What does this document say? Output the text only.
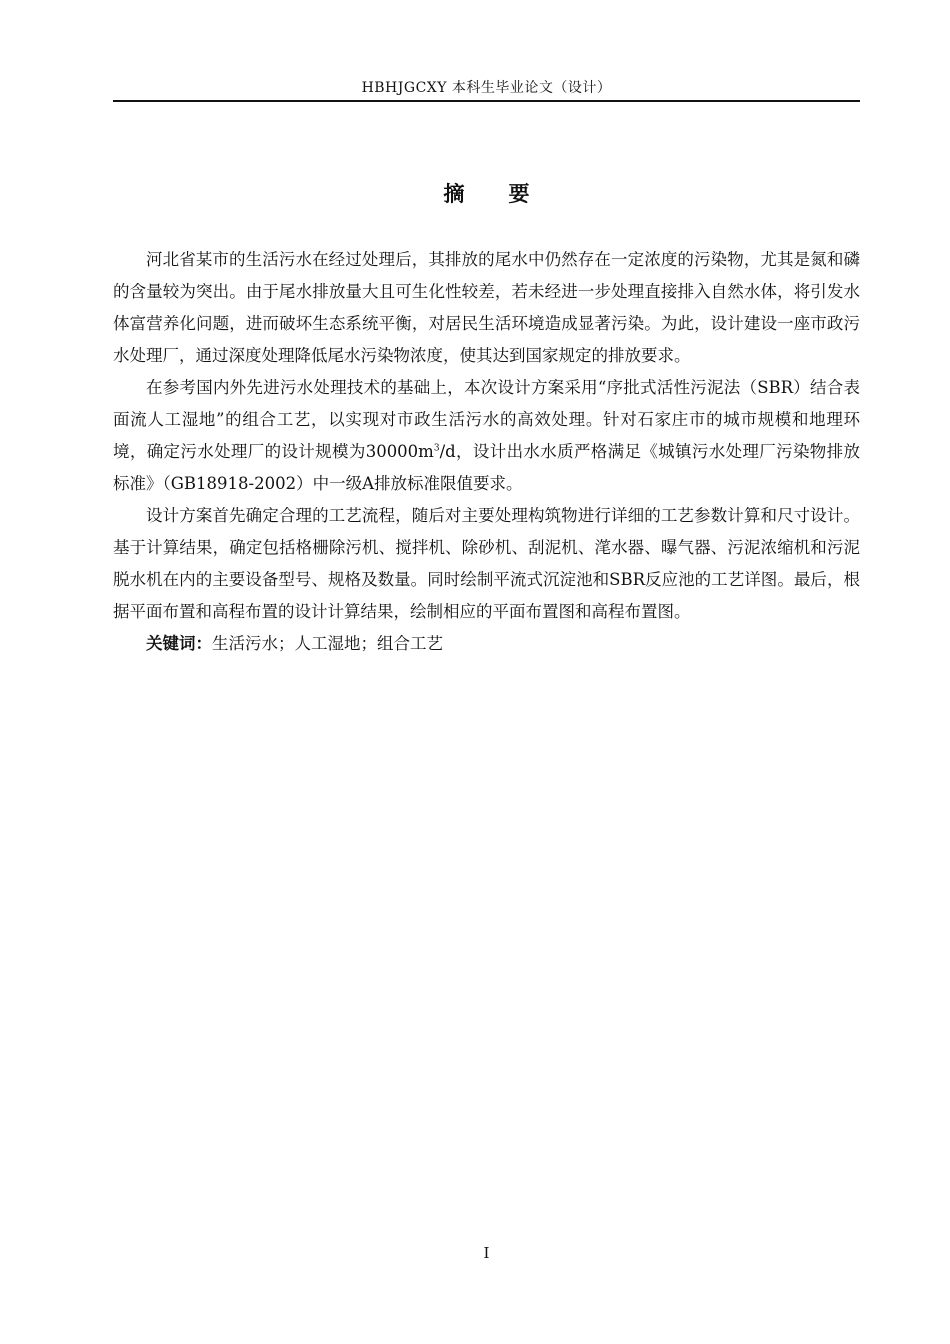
HBHJGCXY 本科生毕业论文（设计）
摘 要

河北省某市的生活污水在经过处理后，其排放的尾水中仍然存在一定浓度的污染物，尤其是氮和磷的含量较为突出。由于尾水排放量大且可生化性较差，若未经进一步处理直接排入自然水体，将引发水体富营养化问题，进而破坏生态系统平衡，对居民生活环境造成显著污染。为此，设计建设一座市政污水处理厂，通过深度处理降低尾水污染物浓度，使其达到国家规定的排放要求。

在参考国内外先进污水处理技术的基础上，本次设计方案采用“序批式活性污泥法（SBR）结合表面流人工湿地”的组合工艺，以实现对市政生活污水的高效处理。针对石家庄市的城市规模和地理环境，确定污水处理厂的设计规模为$30000m^3/d$，设计出水水质严格满足《城镇污水处理厂污染物排放标准》（GB18918-2002）中一级A排放标准限值要求。

设计方案首先确定合理的工艺流程，随后对主要处理构筑物进行详细的工艺参数计算和尺寸设计。基于计算结果，确定包括格栅除污机、搅拌机、除砂机、刮泥机、滗水器、曝气器、污泥浓缩机和污泥脱水机在内的主要设备型号、规格及数量。同时绘制平流式沉淀池和SBR反应池的工艺详图。最后，根据平面布置和高程布置的设计计算结果，绘制相应的平面布置图和高程布置图。

关键词：生活污水；人工湿地；组合工艺

I
